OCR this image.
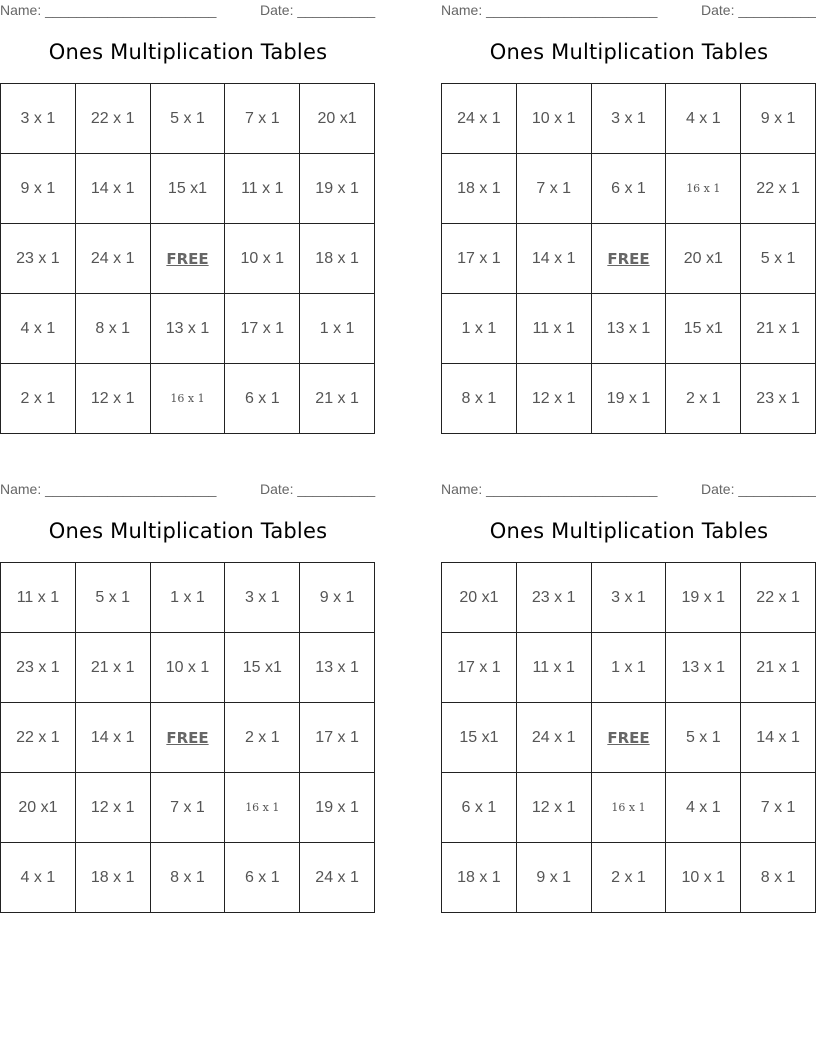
Name: ______________________	Date: __________
Ones Multiplication Tables
3 x 1	22 x 1	5 x 1	7 x 1	20 x1
9 x 1	14 x 1	15 x1	11 x 1	19 x 1
23 x 1	24 x 1	FREE	10 x 1	18 x 1
4 x 1	8 x 1	13 x 1	17 x 1	1 x 1
2 x 1	12 x 1	16 x 1	6 x 1	21 x 1
Name: ______________________	Date: __________
Ones Multiplication Tables
24 x 1	10 x 1	3 x 1	4 x 1	9 x 1
18 x 1	7 x 1	6 x 1	16 x 1	22 x 1
17 x 1	14 x 1	FREE	20 x1	5 x 1
1 x 1	11 x 1	13 x 1	15 x1	21 x 1
8 x 1	12 x 1	19 x 1	2 x 1	23 x 1
Name: ______________________	Date: __________
Ones Multiplication Tables
11 x 1	5 x 1	1 x 1	3 x 1	9 x 1
23 x 1	21 x 1	10 x 1	15 x1	13 x 1
22 x 1	14 x 1	FREE	2 x 1	17 x 1
20 x1	12 x 1	7 x 1	16 x 1	19 x 1
4 x 1	18 x 1	8 x 1	6 x 1	24 x 1
Name: ______________________	Date: __________
Ones Multiplication Tables
20 x1	23 x 1	3 x 1	19 x 1	22 x 1
17 x 1	11 x 1	1 x 1	13 x 1	21 x 1
15 x1	24 x 1	FREE	5 x 1	14 x 1
6 x 1	12 x 1	16 x 1	4 x 1	7 x 1
18 x 1	9 x 1	2 x 1	10 x 1	8 x 1
